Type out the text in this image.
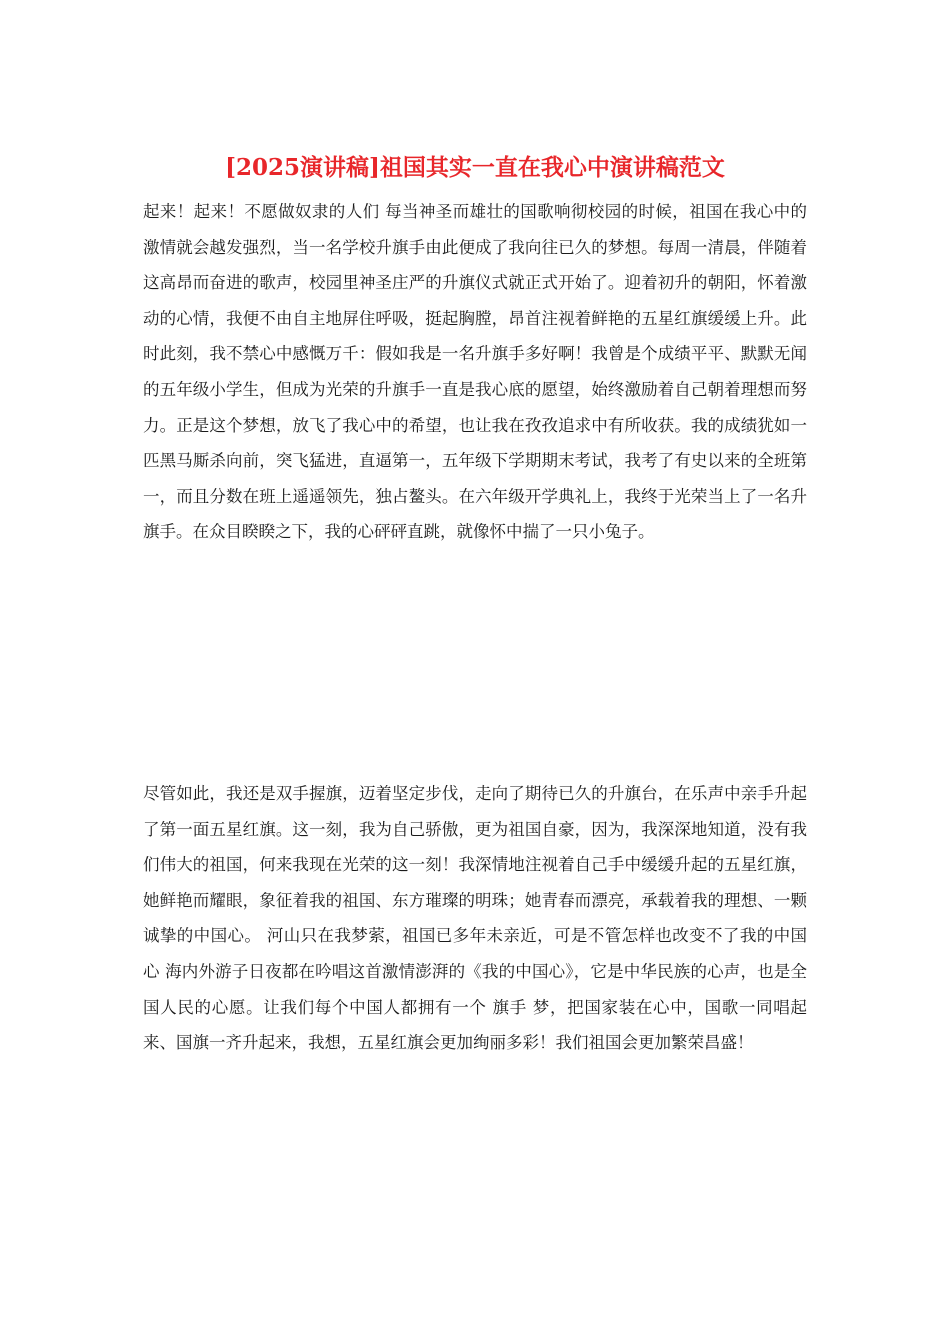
[2025演讲稿]祖国其实一直在我心中演讲稿范文

起来！起来！不愿做奴隶的人们 每当神圣而雄壮的国歌响彻校园的时候，祖国在我心中的激情就会越发强烈，当一名学校升旗手由此便成了我向往已久的梦想。每周一清晨，伴随着这高昂而奋进的歌声，校园里神圣庄严的升旗仪式就正式开始了。迎着初升的朝阳，怀着激动的心情，我便不由自主地屏住呼吸，挺起胸膛，昂首注视着鲜艳的五星红旗缓缓上升。此时此刻，我不禁心中感慨万千：假如我是一名升旗手多好啊！我曾是个成绩平平、默默无闻的五年级小学生，但成为光荣的升旗手一直是我心底的愿望，始终激励着自己朝着理想而努力。正是这个梦想，放飞了我心中的希望，也让我在孜孜追求中有所收获。我的成绩犹如一匹黑马厮杀向前，突飞猛进，直逼第一，五年级下学期期末考试，我考了有史以来的全班第一，而且分数在班上遥遥领先，独占鳌头。在六年级开学典礼上，我终于光荣当上了一名升旗手。在众目睽睽之下，我的心砰砰直跳，就像怀中揣了一只小兔子。

尽管如此，我还是双手握旗，迈着坚定步伐，走向了期待已久的升旗台，在乐声中亲手升起了第一面五星红旗。这一刻，我为自己骄傲，更为祖国自豪，因为，我深深地知道，没有我们伟大的祖国，何来我现在光荣的这一刻！我深情地注视着自己手中缓缓升起的五星红旗，她鲜艳而耀眼，象征着我的祖国、东方璀璨的明珠；她青春而漂亮，承载着我的理想、一颗诚挚的中国心。 河山只在我梦萦，祖国已多年未亲近，可是不管怎样也改变不了我的中国心 海内外游子日夜都在吟唱这首激情澎湃的《我的中国心》，它是中华民族的心声，也是全国人民的心愿。让我们每个中国人都拥有一个 旗手 梦，把国家装在心中，国歌一同唱起来、国旗一齐升起来，我想，五星红旗会更加绚丽多彩！我们祖国会更加繁荣昌盛！
